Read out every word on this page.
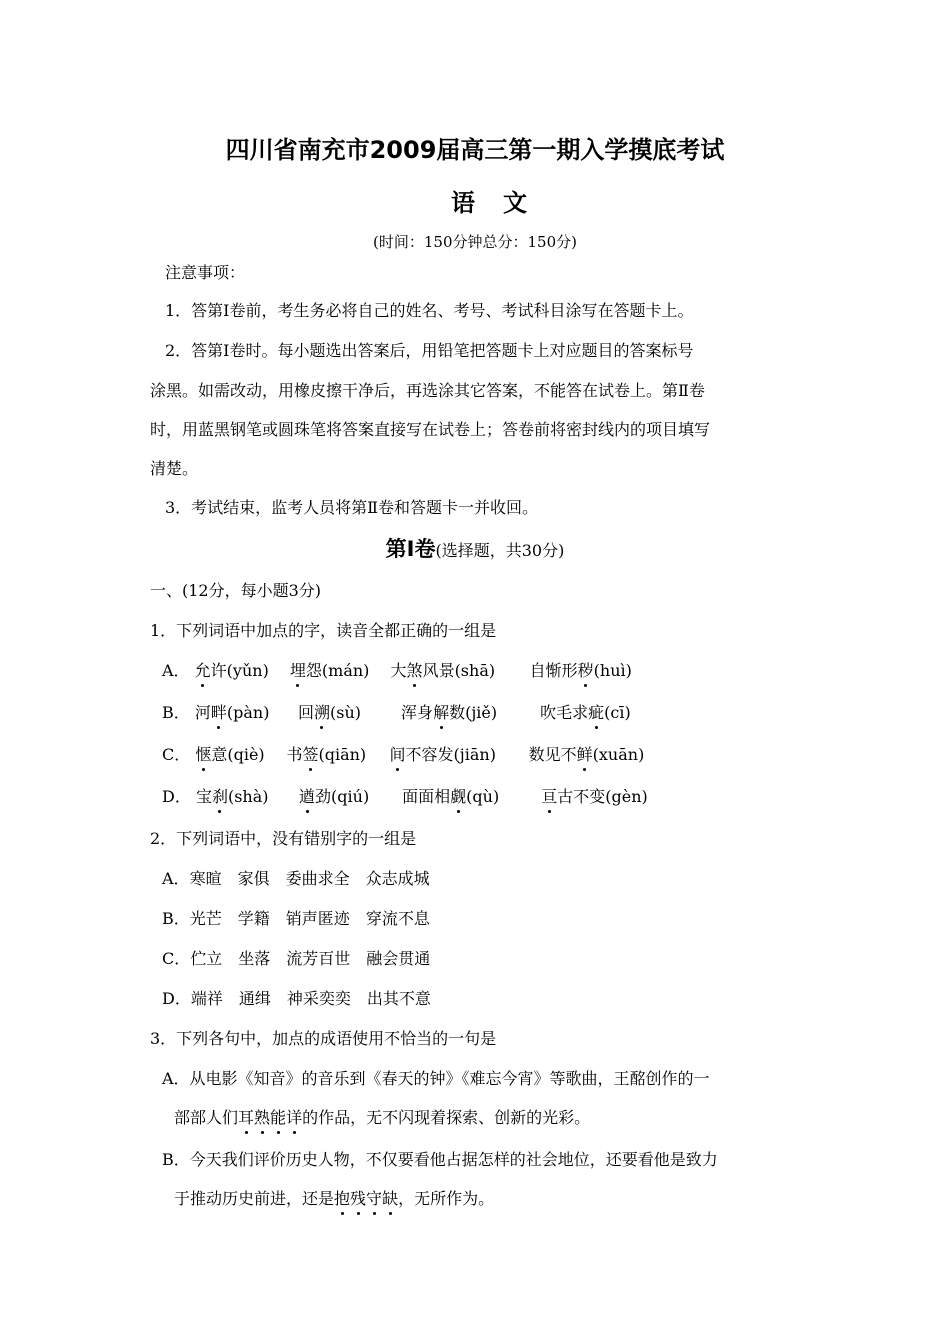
四川省南充市2009届高三第一期入学摸底考试
语文
(时间：150分钟总分：150分)
注意事项：
1．答第Ⅰ卷前，考生务必将自己的姓名、考号、考试科目涂写在答题卡上。
2．答第Ⅰ卷时。每小题选出答案后，用铅笔把答题卡上对应题目的答案标号
涂黑。如需改动，用橡皮擦干净后，再选涂其它答案，不能答在试卷上。第Ⅱ卷
时，用蓝黑钢笔或圆珠笔将答案直接写在试卷上；答卷前将密封线内的项目填写
清楚。
3．考试结束，监考人员将第Ⅱ卷和答题卡一并收回。
第Ⅰ卷(选择题，共30分)
一、(12分，每小题3分)
1．下列词语中加点的字，读音全都正确的一组是
A． 允许(yǔn) 埋怨(mán) 大煞风景(shā) 自惭形秽(huì)
B． 河畔(pàn) 回溯(sù)	浑身解数(jiě)	吹毛求疵(cī)
C． 惬意(qiè) 书签(qiān) 间不容发(jiān) 数见不鲜(xuān)
D． 宝刹(shà) 遒劲(qiú) 面面相觑(qù)	亘古不变(gèn)
2．下列词语中，没有错别字的一组是
A．寒暄 家俱 委曲求全 众志成城
B．光芒 学籍 销声匿迹 穿流不息
C．伫立 坐落 流芳百世 融会贯通
D．端祥 通缉 神采奕奕 出其不意
3．下列各句中，加点的成语使用不恰当的一句是
A．从电影《知音》的音乐到《春天的钟》《难忘今宵》等歌曲，王酩创作的一
部部人们耳熟能详的作品，无不闪现着探索、创新的光彩。
B．今天我们评价历史人物，不仅要看他占据怎样的社会地位，还要看他是致力
于推动历史前进，还是抱残守缺，无所作为。
